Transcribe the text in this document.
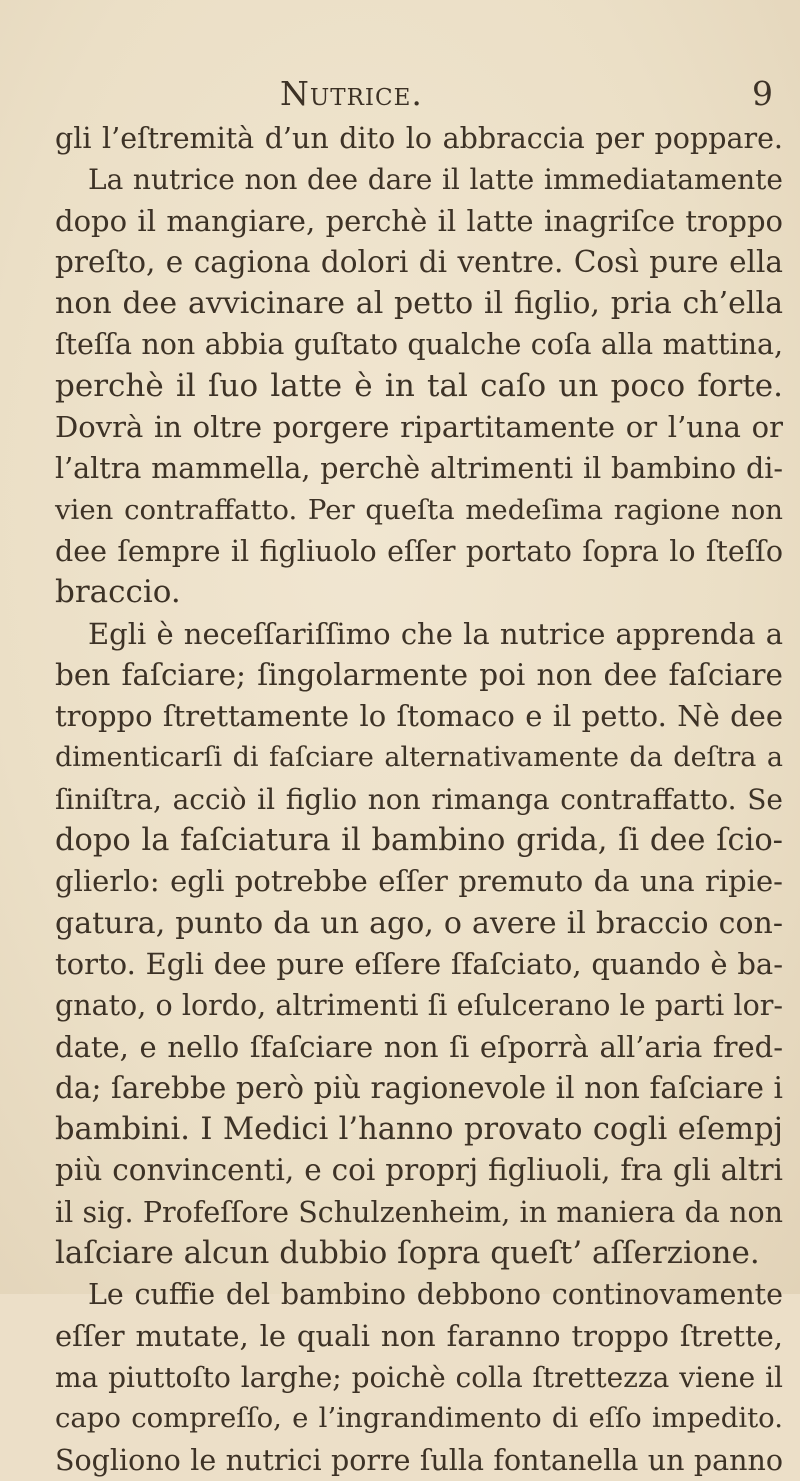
Nutrice.	9
gli l’eſtremità d’un dito lo abbraccia per poppare.
La nutrice non dee dare il latte immediatamente
dopo il mangiare, perchè il latte inagriſce troppo
preſto, e cagiona dolori di ventre. Così pure ella
non dee avvicinare al petto il figlio, pria ch’ella
ſteſſa non abbia guſtato qualche coſa alla mattina,
perchè il ſuo latte è in tal caſo un poco forte.
Dovrà in oltre porgere ripartitamente or l’una or
l’altra mammella, perchè altrimenti il bambino di-
vien contraffatto. Per queſta medeſima ragione non
dee ſempre il figliuolo eſſer portato ſopra lo ſteſſo
braccio.
Egli è neceſſariſſimo che la nutrice apprenda a
ben faſciare; ſingolarmente poi non dee faſciare
troppo ſtrettamente lo ſtomaco e il petto. Nè dee
dimenticarſi di faſciare alternativamente da deſtra a
ſiniſtra, acciò il figlio non rimanga contraffatto. Se
dopo la faſciatura il bambino grida, ſi dee ſcio-
glierlo: egli potrebbe eſſer premuto da una ripie-
gatura, punto da un ago, o avere il braccio con-
torto. Egli dee pure eſſere ſfaſciato, quando è ba-
gnato, o lordo, altrimenti ſi eſulcerano le parti lor-
date, e nello ſfaſciare non ſi eſporrà all’aria fred-
da; ſarebbe però più ragionevole il non faſciare i
bambini. I Medici l’hanno provato cogli eſempj
più convincenti, e coi proprj figliuoli, fra gli altri
il sig. Profeſſore Schulzenheim, in maniera da non
laſciare alcun dubbio ſopra queſt’ aſſerzione.
Le cuffie del bambino debbono continovamente
eſſer mutate, le quali non faranno troppo ſtrette,
ma piuttoſto larghe; poichè colla ſtrettezza viene il
capo compreſſo, e l’ingrandimento di eſſo impedito.
Sogliono le nutrici porre ſulla fontanella un panno
